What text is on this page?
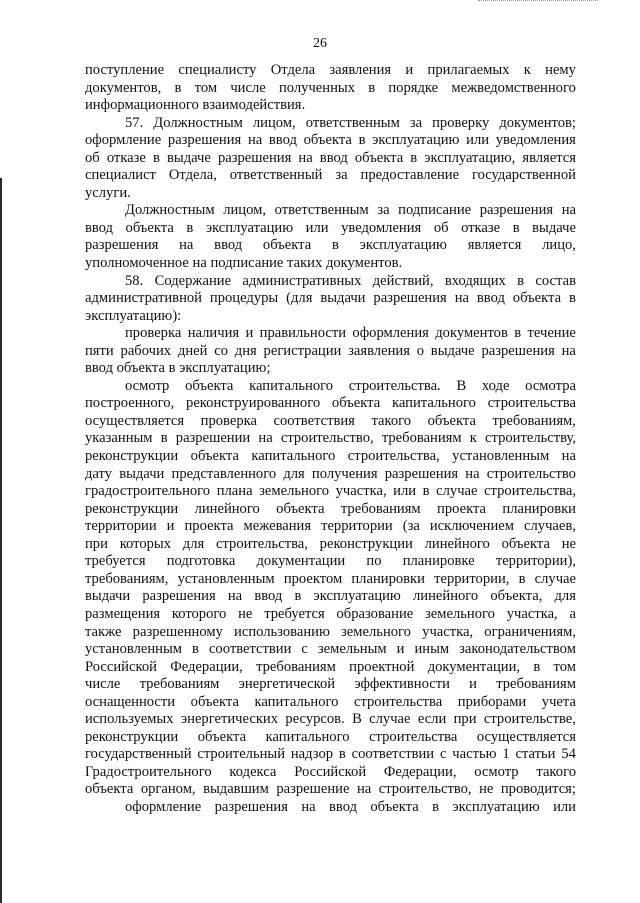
26
поступление специалисту Отдела заявления и прилагаемых к нему
документов, в том числе полученных в порядке межведомственного
информационного взаимодействия.
57. Должностным лицом, ответственным за проверку документов;
оформление разрешения на ввод объекта в эксплуатацию или уведомления
об отказе в выдаче разрешения на ввод объекта в эксплуатацию, является
специалист Отдела, ответственный за предоставление государственной
услуги.
Должностным лицом, ответственным за подписание разрешения на
ввод объекта в эксплуатацию или уведомления об отказе в выдаче
разрешения на ввод объекта в эксплуатацию является лицо,
уполномоченное на подписание таких документов.
58. Содержание административных действий, входящих в состав
административной процедуры (для выдачи разрешения на ввод объекта в
эксплуатацию):
проверка наличия и правильности оформления документов в течение
пяти рабочих дней со дня регистрации заявления о выдаче разрешения на
ввод объекта в эксплуатацию;
осмотр объекта капитального строительства. В ходе осмотра
построенного, реконструированного объекта капитального строительства
осуществляется проверка соответствия такого объекта требованиям,
указанным в разрешении на строительство, требованиям к строительству,
реконструкции объекта капитального строительства, установленным на
дату выдачи представленного для получения разрешения на строительство
градостроительного плана земельного участка, или в случае строительства,
реконструкции линейного объекта требованиям проекта планировки
территории и проекта межевания территории (за исключением случаев,
при которых для строительства, реконструкции линейного объекта не
требуется подготовка документации по планировке территории),
требованиям, установленным проектом планировки территории, в случае
выдачи разрешения на ввод в эксплуатацию линейного объекта, для
размещения которого не требуется образование земельного участка, а
также разрешенному использованию земельного участка, ограничениям,
установленным в соответствии с земельным и иным законодательством
Российской Федерации, требованиям проектной документации, в том
числе требованиям энергетической эффективности и требованиям
оснащенности объекта капитального строительства приборами учета
используемых энергетических ресурсов. В случае если при строительстве,
реконструкции объекта капитального строительства осуществляется
государственный строительный надзор в соответствии с частью 1 статьи 54
Градостроительного кодекса Российской Федерации, осмотр такого
объекта органом, выдавшим разрешение на строительство, не проводится;
оформление разрешения на ввод объекта в эксплуатацию или
